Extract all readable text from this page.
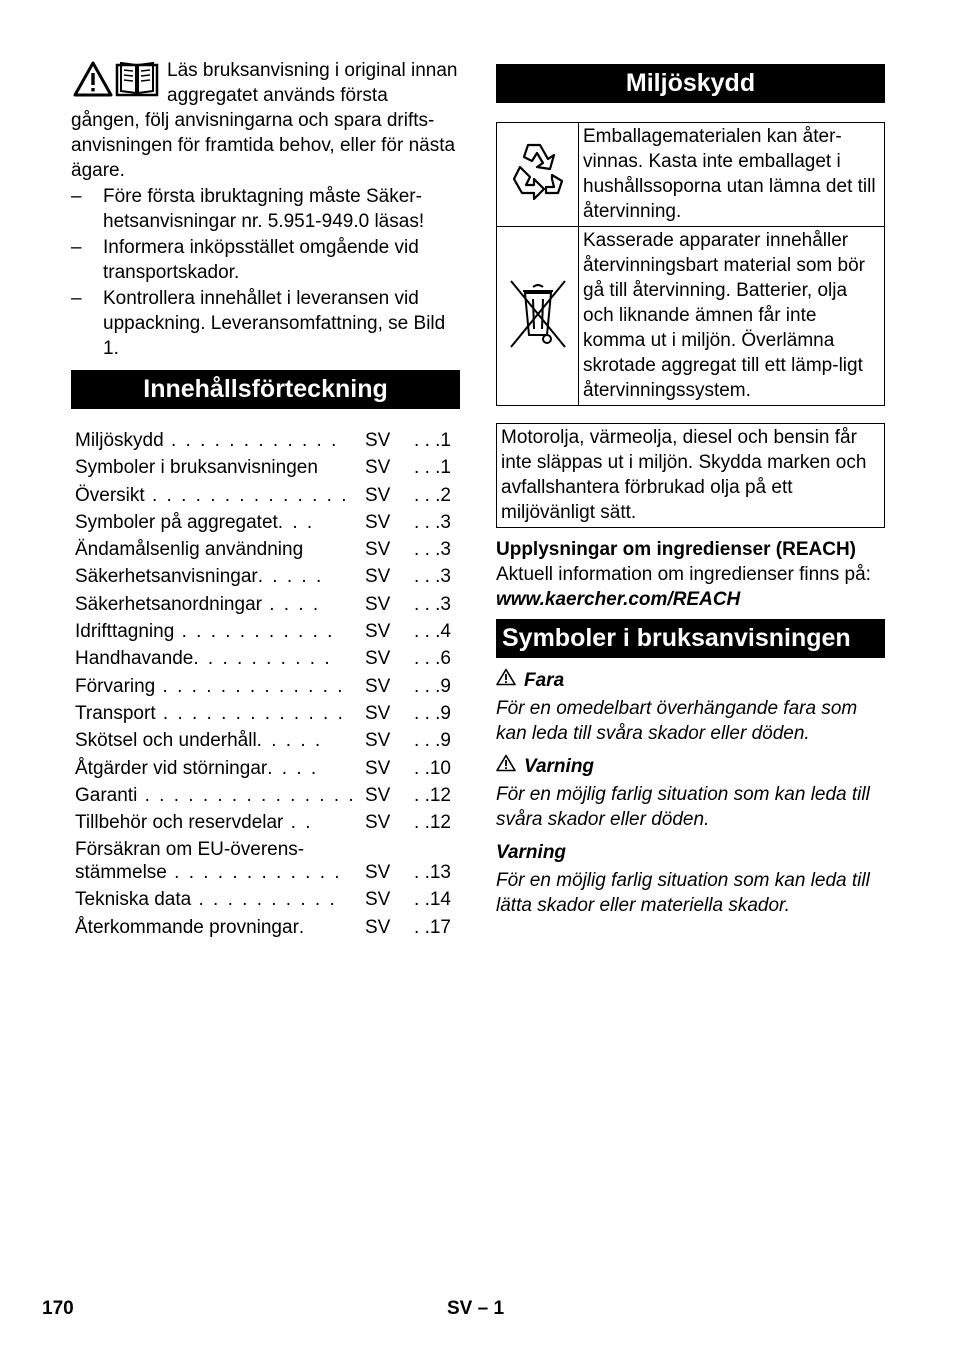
Läs bruksanvisning i original innan aggregatet används första gången, följ anvisningarna och spara drifts-anvisningen för framtida behov, eller för nästa ägare.

– Före första ibruktagning måste Säker-hetsanvisningar nr. 5.951-949.0 läsas!
– Informera inköpsstället omgående vid transportskador.
– Kontrollera innehållet i leveransen vid uppackning. Leveransomfattning, se Bild 1.
Innehållsförteckning
Miljöskydd . . . . . . . . . . . .	SV	. . .1
Symboler i bruksanvisningen	SV	. . .1
Översikt . . . . . . . . . . . . . . SV	. . .2
Symboler på aggregatet. . .	SV	. . .3
Ändamålsenlig användning	SV	. . .3
Säkerhetsanvisningar. . . . .	SV	. . .3
Säkerhetsanordningar . . . .	SV	. . .3
Idrifttagning . . . . . . . . . . .	SV	. . .4
Handhavande. . . . . . . . . .	SV	. . .6
Förvaring . . . . . . . . . . . . .	SV	. . .9
Transport . . . . . . . . . . . . .	SV	. . .9
Skötsel och underhåll. . . . .	SV	. . .9
Åtgärder vid störningar. . . .	SV	. .10
Garanti . . . . . . . . . . . . . . . SV	. .12
Tillbehör och reservdelar . .	SV	. .12
Försäkran om EU-överens-
stämmelse . . . . . . . . . . . .	SV	. .13
Tekniska data . . . . . . . . . .	SV	. .14
Återkommande provningar.	SV	. .17
Miljöskydd
	Emballagematerialen kan åter-vinnas. Kasta inte emballaget i hushållssoporna utan lämna det till återvinning.
	Kasserade apparater innehåller återvinningsbart material som bör gå till återvinning. Batterier, olja och liknande ämnen får inte komma ut i miljön. Överlämna skrotade aggregat till ett lämp-ligt återvinningssystem.
Motorolja, värmeolja, diesel och bensin får inte släppas ut i miljön. Skydda marken och avfallshantera förbrukad olja på ett miljövänligt sätt.

Upplysningar om ingredienser (REACH)

Aktuell information om ingredienser finns på:

www.kaercher.com/REACH

Symboler i bruksanvisningen
Fara

För en omedelbart överhängande fara som kan leda till svåra skador eller döden.

Varning

För en möjlig farlig situation som kan leda till svåra skador eller döden.

Varning

För en möjlig farlig situation som kan leda till lätta skador eller materiella skador.

170	SV – 1
